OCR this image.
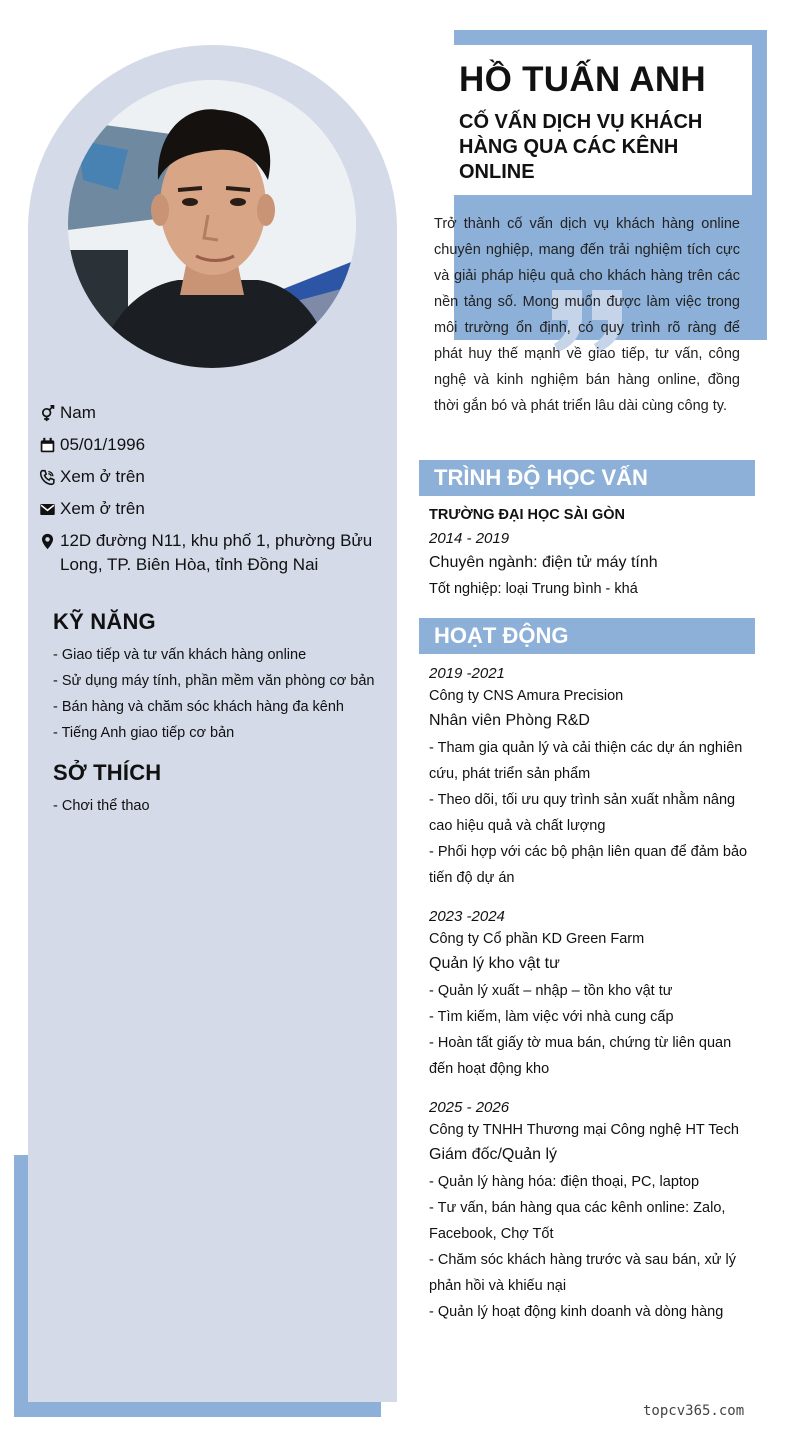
Nam
05/01/1996
Xem ở trên
Xem ở trên
12D đường N11, khu phố 1, phường Bửu
Long, TP. Biên Hòa, tỉnh Đồng Nai
KỸ NĂNG
- Giao tiếp và tư vấn khách hàng online
- Sử dụng máy tính, phần mềm văn phòng cơ bản
- Bán hàng và chăm sóc khách hàng đa kênh
- Tiếng Anh giao tiếp cơ bản
SỞ THÍCH
- Chơi thể thao
HỒ TUẤN ANH
CỐ VẤN DỊCH VỤ KHÁCH
HÀNG QUA CÁC KÊNH ONLINE
Trở thành cố vấn dịch vụ khách hàng online chuyên nghiệp, mang đến trải nghiệm tích cực và giải pháp hiệu quả cho khách hàng trên các nền tảng số. Mong muốn được làm việc trong môi trường ổn định, có quy trình rõ ràng để phát huy thế mạnh về giao tiếp, tư vấn, công nghệ và kinh nghiệm bán hàng online, đồng thời gắn bó và phát triển lâu dài cùng công ty.
TRÌNH ĐỘ HỌC VẤN
TRƯỜNG ĐẠI HỌC SÀI GÒN
2014 - 2019
Chuyên ngành: điện tử máy tính
Tốt nghiệp: loại Trung bình - khá
HOẠT ĐỘNG
2019 -2021
Công ty CNS Amura Precision
Nhân viên Phòng R&D
- Tham gia quản lý và cải thiện các dự án nghiên
cứu, phát triển sản phẩm
- Theo dõi, tối ưu quy trình sản xuất nhằm nâng
cao hiệu quả và chất lượng
- Phối hợp với các bộ phận liên quan để đảm bảo
tiến độ dự án
2023 -2024
Công ty Cổ phần KD Green Farm
Quản lý kho vật tư
- Quản lý xuất – nhập – tồn kho vật tư
- Tìm kiếm, làm việc với nhà cung cấp
- Hoàn tất giấy tờ mua bán, chứng từ liên quan
đến hoạt động kho
2025 - 2026
Công ty TNHH Thương mại Công nghệ HT Tech
Giám đốc/Quản lý
- Quản lý hàng hóa: điện thoại, PC, laptop
- Tư vấn, bán hàng qua các kênh online: Zalo,
Facebook, Chợ Tốt
- Chăm sóc khách hàng trước và sau bán, xử lý
phản hồi và khiếu nại
- Quản lý hoạt động kinh doanh và dòng hàng
topcv365.com
